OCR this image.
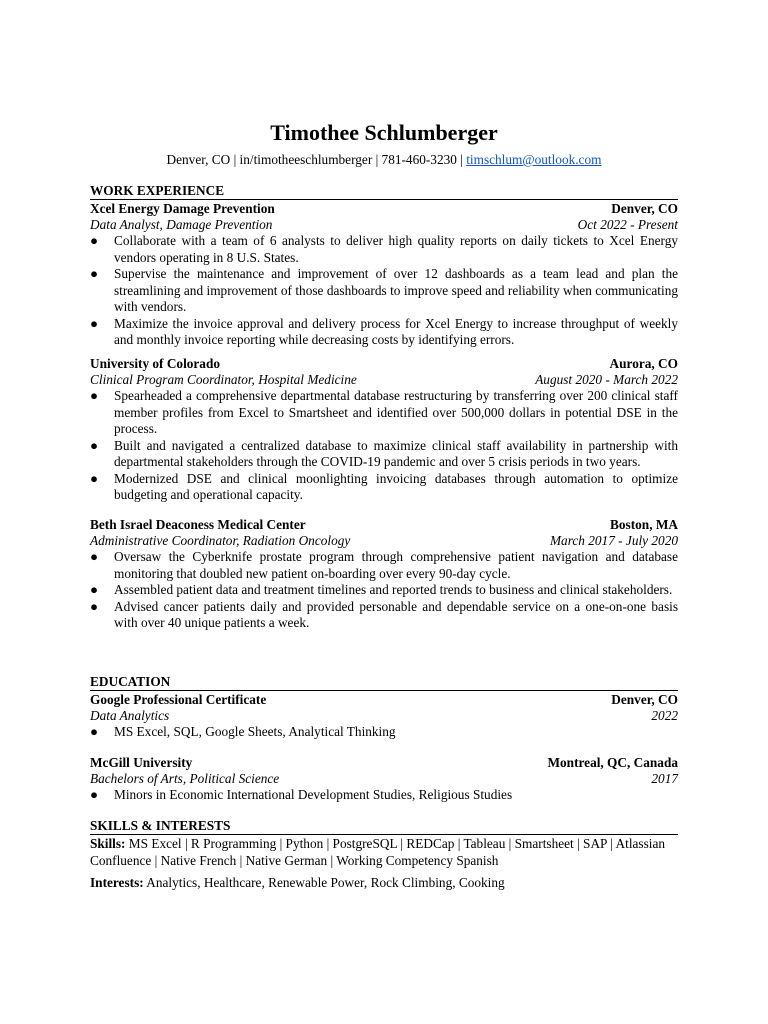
Timothee Schlumberger
Denver, CO | in/timotheeschlumberger | 781-460-3230 | timschlum@outlook.com
WORK EXPERIENCE
Xcel Energy Damage Prevention	Denver, CO
Data Analyst, Damage Prevention	Oct 2022 - Present
● Collaborate with a team of 6 analysts to deliver high quality reports on daily tickets to Xcel Energy vendors operating in 8 U.S. States.
● Supervise the maintenance and improvement of over 12 dashboards as a team lead and plan the streamlining and improvement of those dashboards to improve speed and reliability when communicating with vendors.
● Maximize the invoice approval and delivery process for Xcel Energy to increase throughput of weekly and monthly invoice reporting while decreasing costs by identifying errors.
University of Colorado	Aurora, CO
Clinical Program Coordinator, Hospital Medicine	August 2020 - March 2022
● Spearheaded a comprehensive departmental database restructuring by transferring over 200 clinical staff member profiles from Excel to Smartsheet and identified over 500,000 dollars in potential DSE in the process.
● Built and navigated a centralized database to maximize clinical staff availability in partnership with departmental stakeholders through the COVID-19 pandemic and over 5 crisis periods in two years.
● Modernized DSE and clinical moonlighting invoicing databases through automation to optimize budgeting and operational capacity.
Beth Israel Deaconess Medical Center	Boston, MA
Administrative Coordinator, Radiation Oncology	March 2017 - July 2020
● Oversaw the Cyberknife prostate program through comprehensive patient navigation and database monitoring that doubled new patient on-boarding over every 90-day cycle.
● Assembled patient data and treatment timelines and reported trends to business and clinical stakeholders.
● Advised cancer patients daily and provided personable and dependable service on a one-on-one basis with over 40 unique patients a week.
EDUCATION
Google Professional Certificate	Denver, CO
Data Analytics	2022
● MS Excel, SQL, Google Sheets, Analytical Thinking
McGill University	Montreal, QC, Canada
Bachelors of Arts, Political Science	2017
● Minors in Economic International Development Studies, Religious Studies
SKILLS & INTERESTS
Skills: MS Excel | R Programming | Python | PostgreSQL | REDCap | Tableau | Smartsheet | SAP | Atlassian Confluence | Native French | Native German | Working Competency Spanish
Interests: Analytics, Healthcare, Renewable Power, Rock Climbing, Cooking
